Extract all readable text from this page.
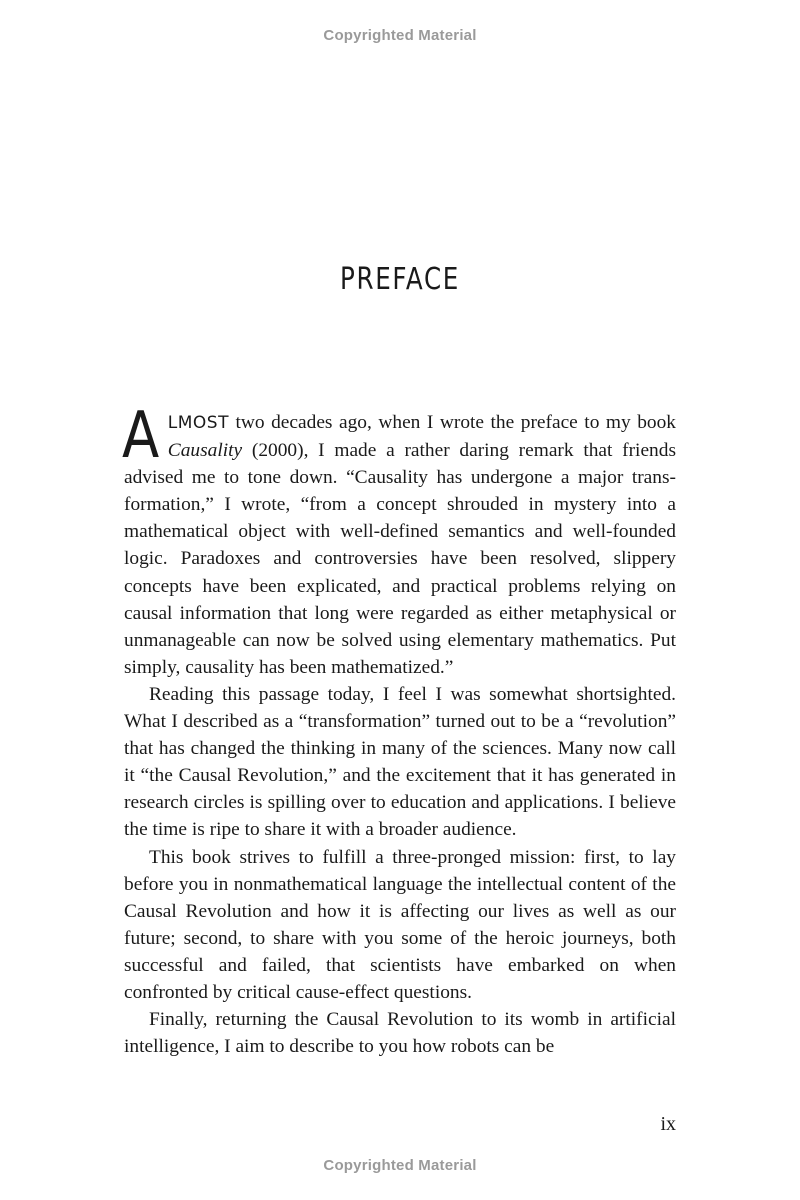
Copyrighted Material
PREFACE

ALMOST two decades ago, when I wrote the preface to my book Causality (2000), I made a rather daring remark that friends advised me to tone down. “Causality has undergone a major transformation,” I wrote, “from a concept shrouded in mystery into a mathematical object with well-defined semantics and well-founded logic. Paradoxes and controversies have been resolved, slippery concepts have been explicated, and practical problems relying on causal information that long were regarded as either metaphysical or unmanageable can now be solved using elementary mathematics. Put simply, causality has been mathematized.”

Reading this passage today, I feel I was somewhat shortsighted. What I described as a “transformation” turned out to be a “revolution” that has changed the thinking in many of the sciences. Many now call it “the Causal Revolution,” and the excitement that it has generated in research circles is spilling over to education and applications. I believe the time is ripe to share it with a broader audience.

This book strives to fulfill a three-pronged mission: first, to lay before you in nonmathematical language the intellectual content of the Causal Revolution and how it is affecting our lives as well as our future; second, to share with you some of the heroic journeys, both successful and failed, that scientists have embarked on when confronted by critical cause-effect questions.

Finally, returning the Causal Revolution to its womb in artificial intelligence, I aim to describe to you how robots can be

ix
Copyrighted Material
